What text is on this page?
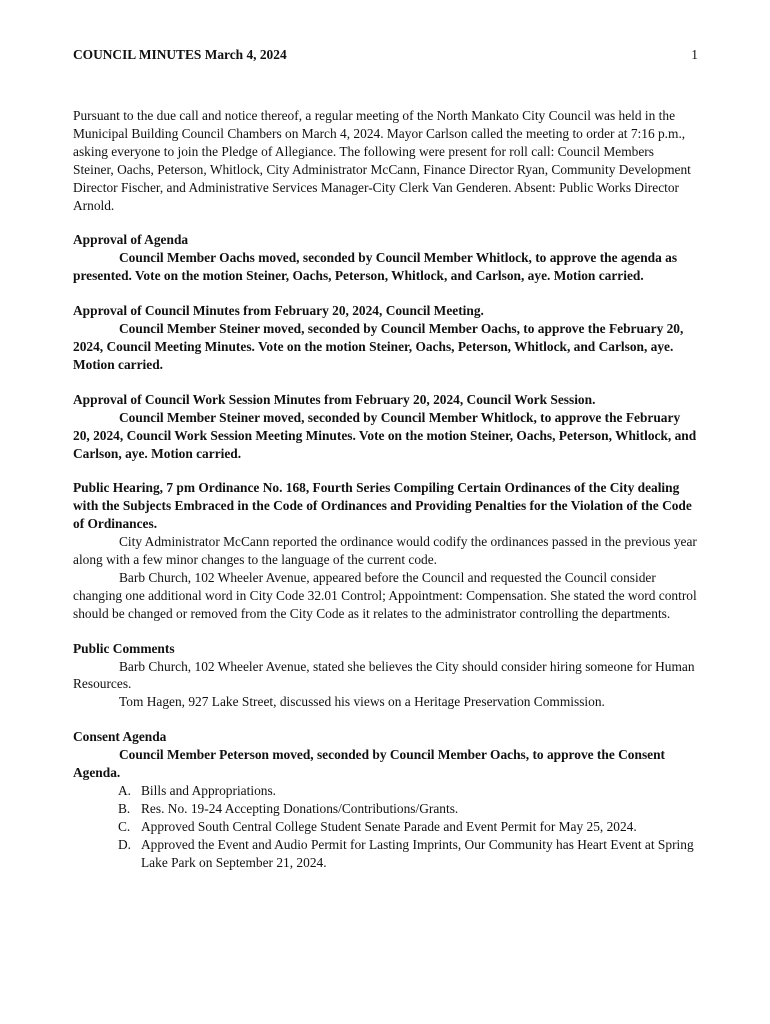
COUNCIL MINUTES March 4, 2024	1

Pursuant to the due call and notice thereof, a regular meeting of the North Mankato City Council was held in the Municipal Building Council Chambers on March 4, 2024. Mayor Carlson called the meeting to order at 7:16 p.m., asking everyone to join the Pledge of Allegiance. The following were present for roll call: Council Members Steiner, Oachs, Peterson, Whitlock, City Administrator McCann, Finance Director Ryan, Community Development Director Fischer, and Administrative Services Manager-City Clerk Van Genderen. Absent: Public Works Director Arnold.

Approval of Agenda

Council Member Oachs moved, seconded by Council Member Whitlock, to approve the agenda as presented. Vote on the motion Steiner, Oachs, Peterson, Whitlock, and Carlson, aye. Motion carried.

Approval of Council Minutes from February 20, 2024, Council Meeting.

Council Member Steiner moved, seconded by Council Member Oachs, to approve the February 20, 2024, Council Meeting Minutes. Vote on the motion Steiner, Oachs, Peterson, Whitlock, and Carlson, aye. Motion carried.

Approval of Council Work Session Minutes from February 20, 2024, Council Work Session.

Council Member Steiner moved, seconded by Council Member Whitlock, to approve the February 20, 2024, Council Work Session Meeting Minutes. Vote on the motion Steiner, Oachs, Peterson, Whitlock, and Carlson, aye. Motion carried.

Public Hearing, 7 pm Ordinance No. 168, Fourth Series Compiling Certain Ordinances of the City dealing with the Subjects Embraced in the Code of Ordinances and Providing Penalties for the Violation of the Code of Ordinances.

City Administrator McCann reported the ordinance would codify the ordinances passed in the previous year along with a few minor changes to the language of the current code.

Barb Church, 102 Wheeler Avenue, appeared before the Council and requested the Council consider changing one additional word in City Code 32.01 Control; Appointment: Compensation. She stated the word control should be changed or removed from the City Code as it relates to the administrator controlling the departments.

Public Comments

Barb Church, 102 Wheeler Avenue, stated she believes the City should consider hiring someone for Human Resources.

Tom Hagen, 927 Lake Street, discussed his views on a Heritage Preservation Commission.

Consent Agenda

Council Member Peterson moved, seconded by Council Member Oachs, to approve the Consent Agenda.

A. Bills and Appropriations.
B. Res. No. 19-24 Accepting Donations/Contributions/Grants.
C. Approved South Central College Student Senate Parade and Event Permit for May 25, 2024.
D. Approved the Event and Audio Permit for Lasting Imprints, Our Community has Heart Event at Spring Lake Park on September 21, 2024.
